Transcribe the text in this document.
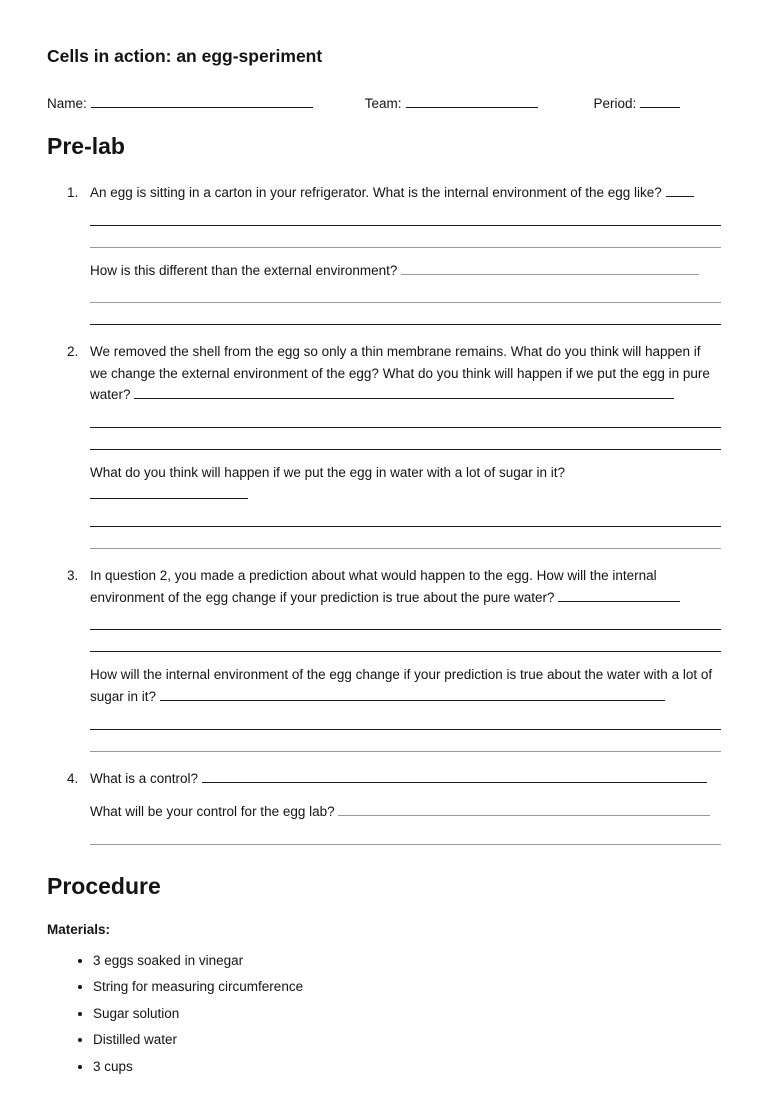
Cells in action: an egg-speriment
Name:	Team:	Period:
Pre-lab
1. An egg is sitting in a carton in your refrigerator. What is the internal environment of the egg like?

How is this different than the external environment?

2. We removed the shell from the egg so only a thin membrane remains. What do you think will happen if we change the external environment of the egg? What do you think will happen if we put the egg in pure water?

What do you think will happen if we put the egg in water with a lot of sugar in it?

3. In question 2, you made a prediction about what would happen to the egg. How will the internal environment of the egg change if your prediction is true about the pure water?

How will the internal environment of the egg change if your prediction is true about the water with a lot of sugar in it?

4. What is a control?

What will be your control for the egg lab?

Procedure
Materials:
• 3 eggs soaked in vinegar
• String for measuring circumference
• Sugar solution
• Distilled water
• 3 cups
